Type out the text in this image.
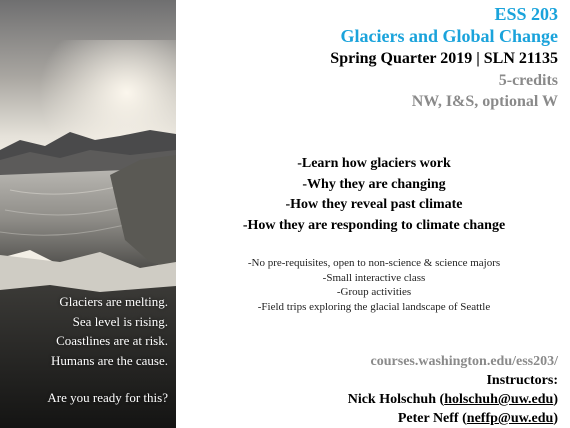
Glaciers are melting.
Sea level is rising.
Coastlines are at risk.
Humans are the cause.
Are you ready for this?
ESS 203
Glaciers and Global Change
Spring Quarter 2019 | SLN 21135
5-credits
NW, I&S, optional W
-Learn how glaciers work
-Why they are changing
-How they reveal past climate
-How they are responding to climate change
-No pre-requisites, open to non-science & science majors
-Small interactive class
-Group activities
-Field trips exploring the glacial landscape of Seattle
courses.washington.edu/ess203/
Instructors:
Nick Holschuh (holschuh@uw.edu)
Peter Neff (neffp@uw.edu)
